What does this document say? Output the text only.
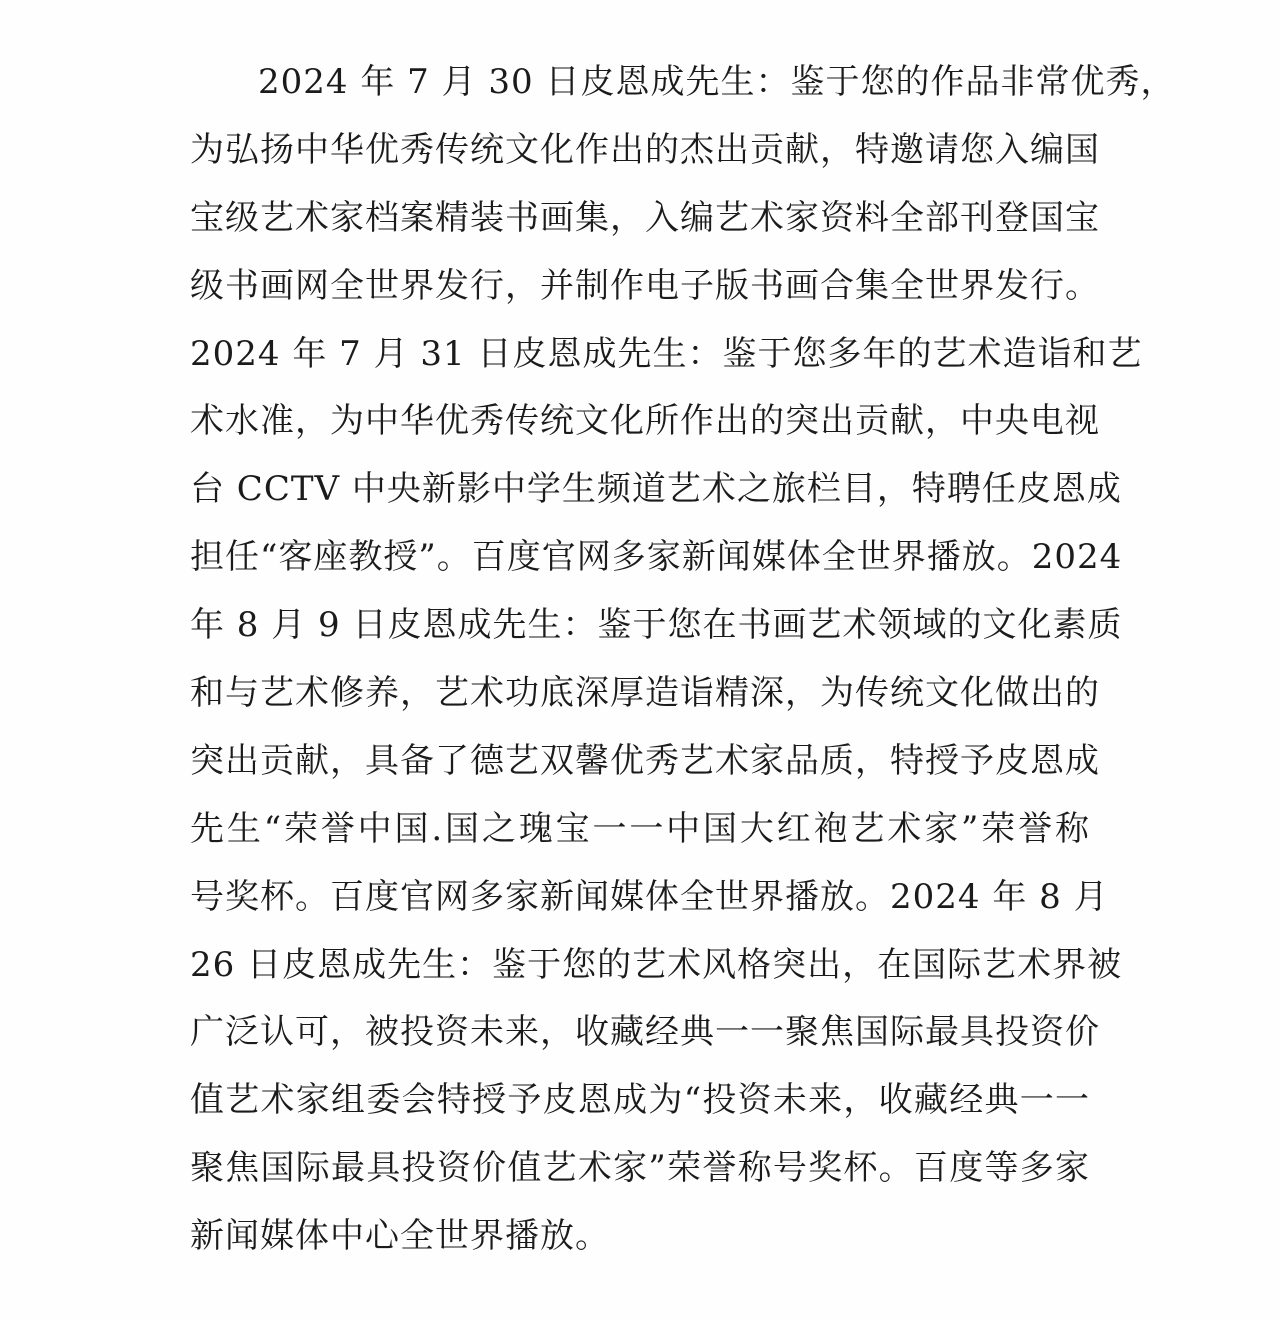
2024 年 7 月 30 日皮恩成先生：鉴于您的作品非常优秀，
为弘扬中华优秀传统文化作出的杰出贡献，特邀请您入编国
宝级艺术家档案精装书画集，入编艺术家资料全部刊登国宝
级书画网全世界发行，并制作电子版书画合集全世界发行。
2024 年 7 月 31 日皮恩成先生：鉴于您多年的艺术造诣和艺
术水准，为中华优秀传统文化所作出的突出贡献，中央电视
台 CCTV 中央新影中学生频道艺术之旅栏目，特聘任皮恩成
担任“客座教授”。百度官网多家新闻媒体全世界播放。2024
年 8 月 9 日皮恩成先生：鉴于您在书画艺术领域的文化素质
和与艺术修养，艺术功底深厚造诣精深，为传统文化做出的
突出贡献，具备了德艺双馨优秀艺术家品质，特授予皮恩成
先生“荣誉中国.国之瑰宝一一中国大红袍艺术家”荣誉称
号奖杯。百度官网多家新闻媒体全世界播放。2024 年 8 月
26 日皮恩成先生：鉴于您的艺术风格突出，在国际艺术界被
广泛认可，被投资未来，收藏经典一一聚焦国际最具投资价
值艺术家组委会特授予皮恩成为“投资未来，收藏经典一一
聚焦国际最具投资价值艺术家”荣誉称号奖杯。百度等多家
新闻媒体中心全世界播放。
